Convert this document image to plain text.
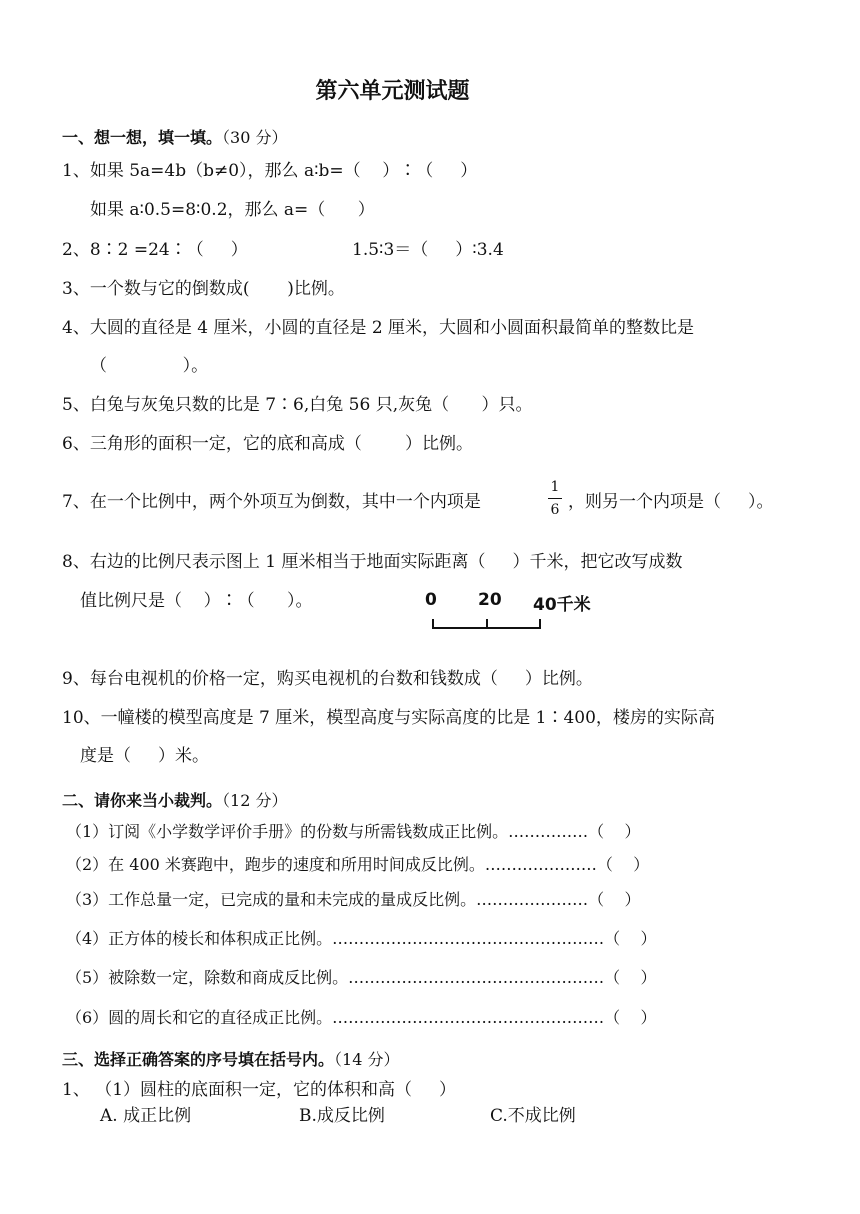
第六单元测试题
一、想一想，填一填。（30 分）
1、如果 5a=4b（b≠0），那么 a∶b=（    ）∶（     ）
如果 a∶0.5=8∶0.2，那么 a=（      ）
2、8∶2 =24∶（     ）	1.5∶3＝（     ）∶3.4
3、一个数与它的倒数成(       )比例。
4、大圆的直径是 4 厘米，小圆的直径是 2 厘米，大圆和小圆面积最简单的整数比是
（              ）。
5、白兔与灰兔只数的比是 7∶6,白兔 56 只,灰兔（      ）只。
6、三角形的面积一定，它的底和高成（        ）比例。
7、在一个比例中，两个外项互为倒数，其中一个内项是
1
6 ，则另一个内项是（     ）。
8、右边的比例尺表示图上 1 厘米相当于地面实际距离（     ）千米，把它改写成数
值比例尺是（    ）∶（      ）。	0 20 40千米
9、每台电视机的价格一定，购买电视机的台数和钱数成（     ）比例。
10、一幢楼的模型高度是 7 厘米，模型高度与实际高度的比是 1∶400，楼房的实际高
度是（     ）米。
二、请你来当小裁判。（12 分）
（1）订阅《小学数学评价手册》的份数与所需钱数成正比例。……………（    ）
（2）在 400 米赛跑中，跑步的速度和所用时间成反比例。…………………（    ）
（3）工作总量一定，已完成的量和未完成的量成反比例。…………………（    ）
（4）正方体的棱长和体积成正比例。……………………………………………（    ）
（5）被除数一定，除数和商成反比例。…………………………………………（    ）
（6）圆的周长和它的直径成正比例。……………………………………………（    ）
三、选择正确答案的序号填在括号内。（14 分）
1、 （1）圆柱的底面积一定，它的体积和高（     ）
A. 成正比例	B.成反比例	C.不成比例
